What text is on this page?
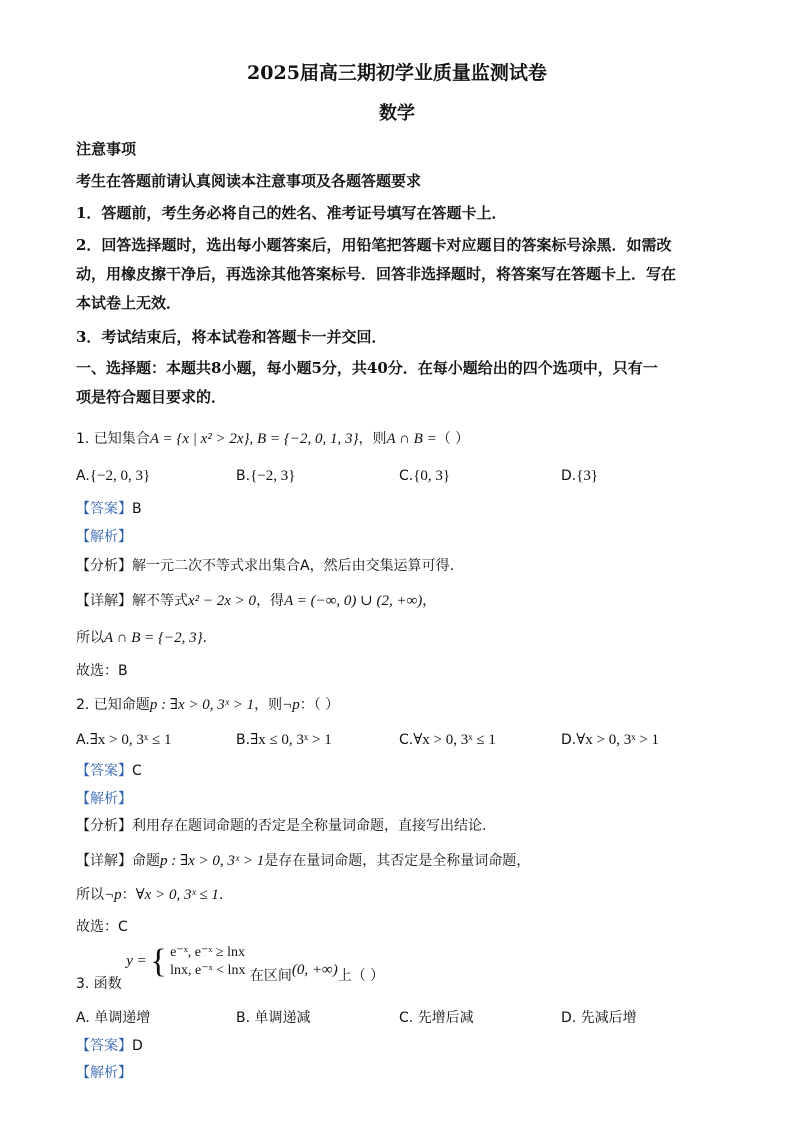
2025届高三期初学业质量监测试卷
数学
注意事项
考生在答题前请认真阅读本注意事项及各题答题要求
1．答题前，考生务必将自己的姓名、准考证号填写在答题卡上．
2．回答选择题时，选出每小题答案后，用铅笔把答题卡对应题目的答案标号涂黑．如需改
动，用橡皮擦干净后，再选涂其他答案标号．回答非选择题时，将答案写在答题卡上．写在
本试卷上无效．
3．考试结束后，将本试卷和答题卡一并交回．
一、选择题：本题共8小题，每小题5分，共40分．在每小题给出的四个选项中，只有一
项是符合题目要求的．
1. 已知集合A = {x | x² > 2x}, B = {−2, 0, 1, 3}，则A ∩ B =（ ）
A.{−2, 0, 3}	B.{−2, 3}	C.{0, 3}	D.{3}
【答案】B
【解析】
【分析】解一元二次不等式求出集合A，然后由交集运算可得.
【详解】解不等式x² − 2x > 0，得A = (−∞, 0) ∪ (2, +∞)，
所以A ∩ B = {−2, 3}.
故选：B
2. 已知命题p : ∃x > 0, 3ˣ > 1，则¬p：（ ）
A.∃x > 0, 3ˣ ≤ 1	B.∃x ≤ 0, 3ˣ > 1	C.∀x > 0, 3ˣ ≤ 1	D.∀x > 0, 3ˣ > 1
【答案】C
【解析】
【分析】利用存在题词命题的否定是全称量词命题，直接写出结论.
【详解】命题p : ∃x > 0, 3ˣ > 1是存在量词命题，其否定是全称量词命题，
所以¬p：∀x > 0, 3ˣ ≤ 1.
故选：C
3. 函数 y = { e⁻ˣ, e⁻ˣ ≥ lnx
lnx, e⁻ˣ < lnx 在区间(0, +∞)上（ ）
A. 单调递增	B. 单调递减	C. 先增后减	D. 先减后增
【答案】D
【解析】
